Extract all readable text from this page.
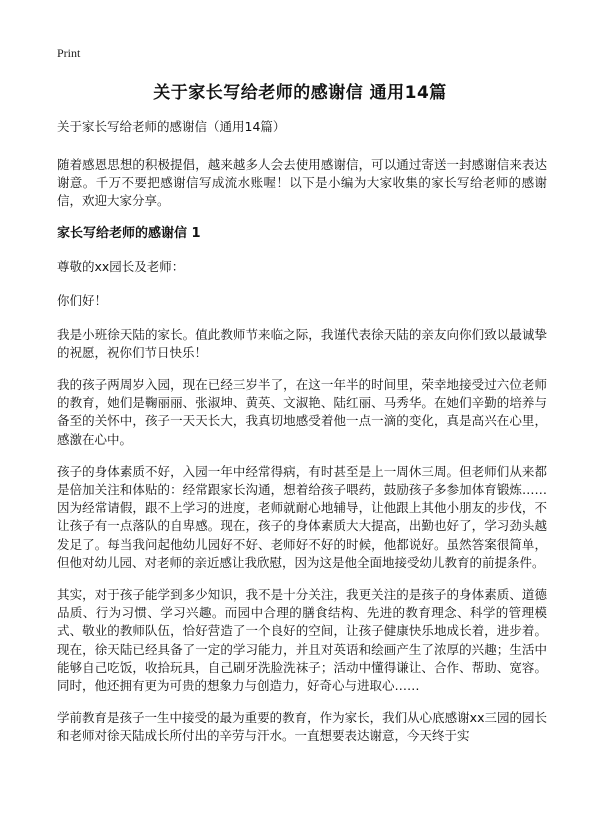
Print
关于家长写给老师的感谢信 通用14篇

关于家长写给老师的感谢信（通用14篇）

随着感恩思想的积极提倡，越来越多人会去使用感谢信，可以通过寄送一封感谢信来表达谢意。千万不要把感谢信写成流水账喔！以下是小编为大家收集的家长写给老师的感谢信，欢迎大家分享。

家长写给老师的感谢信 1

尊敬的xx园长及老师：

你们好！

我是小班徐天陆的家长。值此教师节来临之际，我谨代表徐天陆的亲友向你们致以最诚挚的祝愿，祝你们节日快乐！

我的孩子两周岁入园，现在已经三岁半了，在这一年半的时间里，荣幸地接受过六位老师的教育，她们是鞠丽丽、张淑坤、黄英、文淑艳、陆红丽、马秀华。在她们辛勤的培养与备至的关怀中，孩子一天天长大，我真切地感受着他一点一滴的变化，真是高兴在心里，感激在心中。

孩子的身体素质不好，入园一年中经常得病，有时甚至是上一周休三周。但老师们从来都是倍加关注和体贴的：经常跟家长沟通，想着给孩子喂药，鼓励孩子多参加体育锻炼……因为经常请假，跟不上学习的进度，老师就耐心地辅导，让他跟上其他小朋友的步伐，不让孩子有一点落队的自卑感。现在，孩子的身体素质大大提高，出勤也好了，学习劲头越发足了。每当我问起他幼儿园好不好、老师好不好的时候，他都说好。虽然答案很简单，但他对幼儿园、对老师的亲近感让我欣慰，因为这是他全面地接受幼儿教育的前提条件。

其实，对于孩子能学到多少知识，我不是十分关注，我更关注的是孩子的身体素质、道德品质、行为习惯、学习兴趣。而园中合理的膳食结构、先进的教育理念、科学的管理模式、敬业的教师队伍，恰好营造了一个良好的空间，让孩子健康快乐地成长着，进步着。现在，徐天陆已经具备了一定的学习能力，并且对英语和绘画产生了浓厚的兴趣；生活中能够自己吃饭，收拾玩具，自己刷牙洗脸洗袜子；活动中懂得谦让、合作、帮助、宽容。同时，他还拥有更为可贵的想象力与创造力，好奇心与进取心……

学前教育是孩子一生中接受的最为重要的教育，作为家长，我们从心底感谢xx三园的园长和老师对徐天陆成长所付出的辛劳与汗水。一直想要表达谢意，今天终于实
